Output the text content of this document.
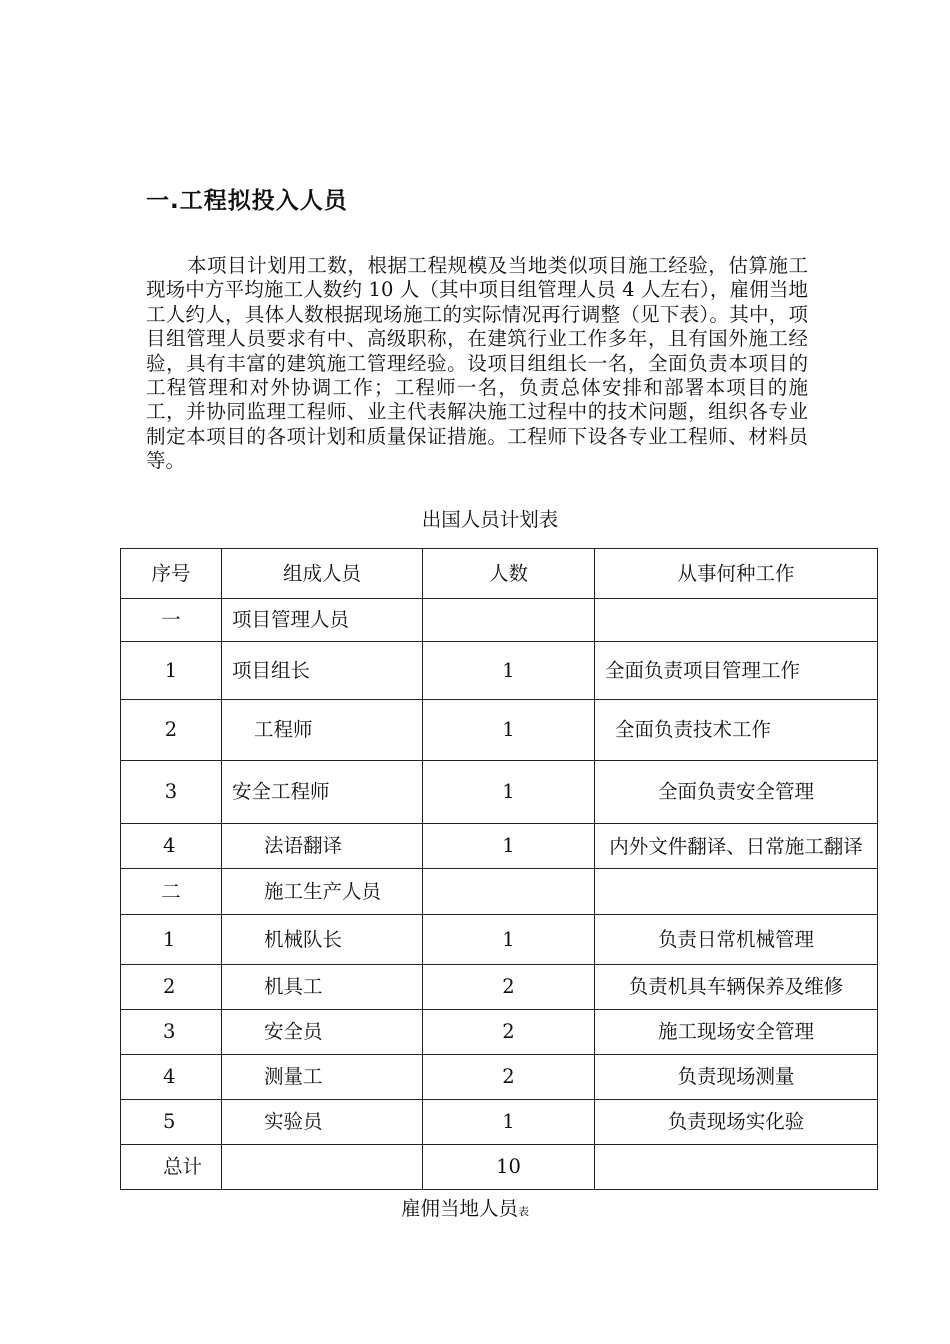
一.工程拟投入人员

本项目计划用工数，根据工程规模及当地类似项目施工经验，估算施工现场中方平均施工人数约 10 人（其中项目组管理人员 4 人左右），雇佣当地工人约人，具体人数根据现场施工的实际情况再行调整（见下表）。其中，项目组管理人员要求有中、高级职称，在建筑行业工作多年，且有国外施工经验，具有丰富的建筑施工管理经验。设项目组组长一名，全面负责本项目的工程管理和对外协调工作；工程师一名，负责总体安排和部署本项目的施工，并协同监理工程师、业主代表解决施工过程中的技术问题，组织各专业制定本项目的各项计划和质量保证措施。工程师下设各专业工程师、材料员等。

出国人员计划表
序号	组成人员	人数	从事何种工作
一	项目管理人员		
1	项目组长	1	全面负责项目管理工作
2	工程师	1	全面负责技术工作
3	安全工程师	1	全面负责安全管理
4	法语翻译	1	内外文件翻译、日常施工翻译
二	施工生产人员		
1	机械队长	1	负责日常机械管理
2	机具工	2	负责机具车辆保养及维修
3	安全员	2	施工现场安全管理
4	测量工	2	负责现场测量
5	实验员	1	负责现场实化验
总计		10	
雇佣当地人员表
